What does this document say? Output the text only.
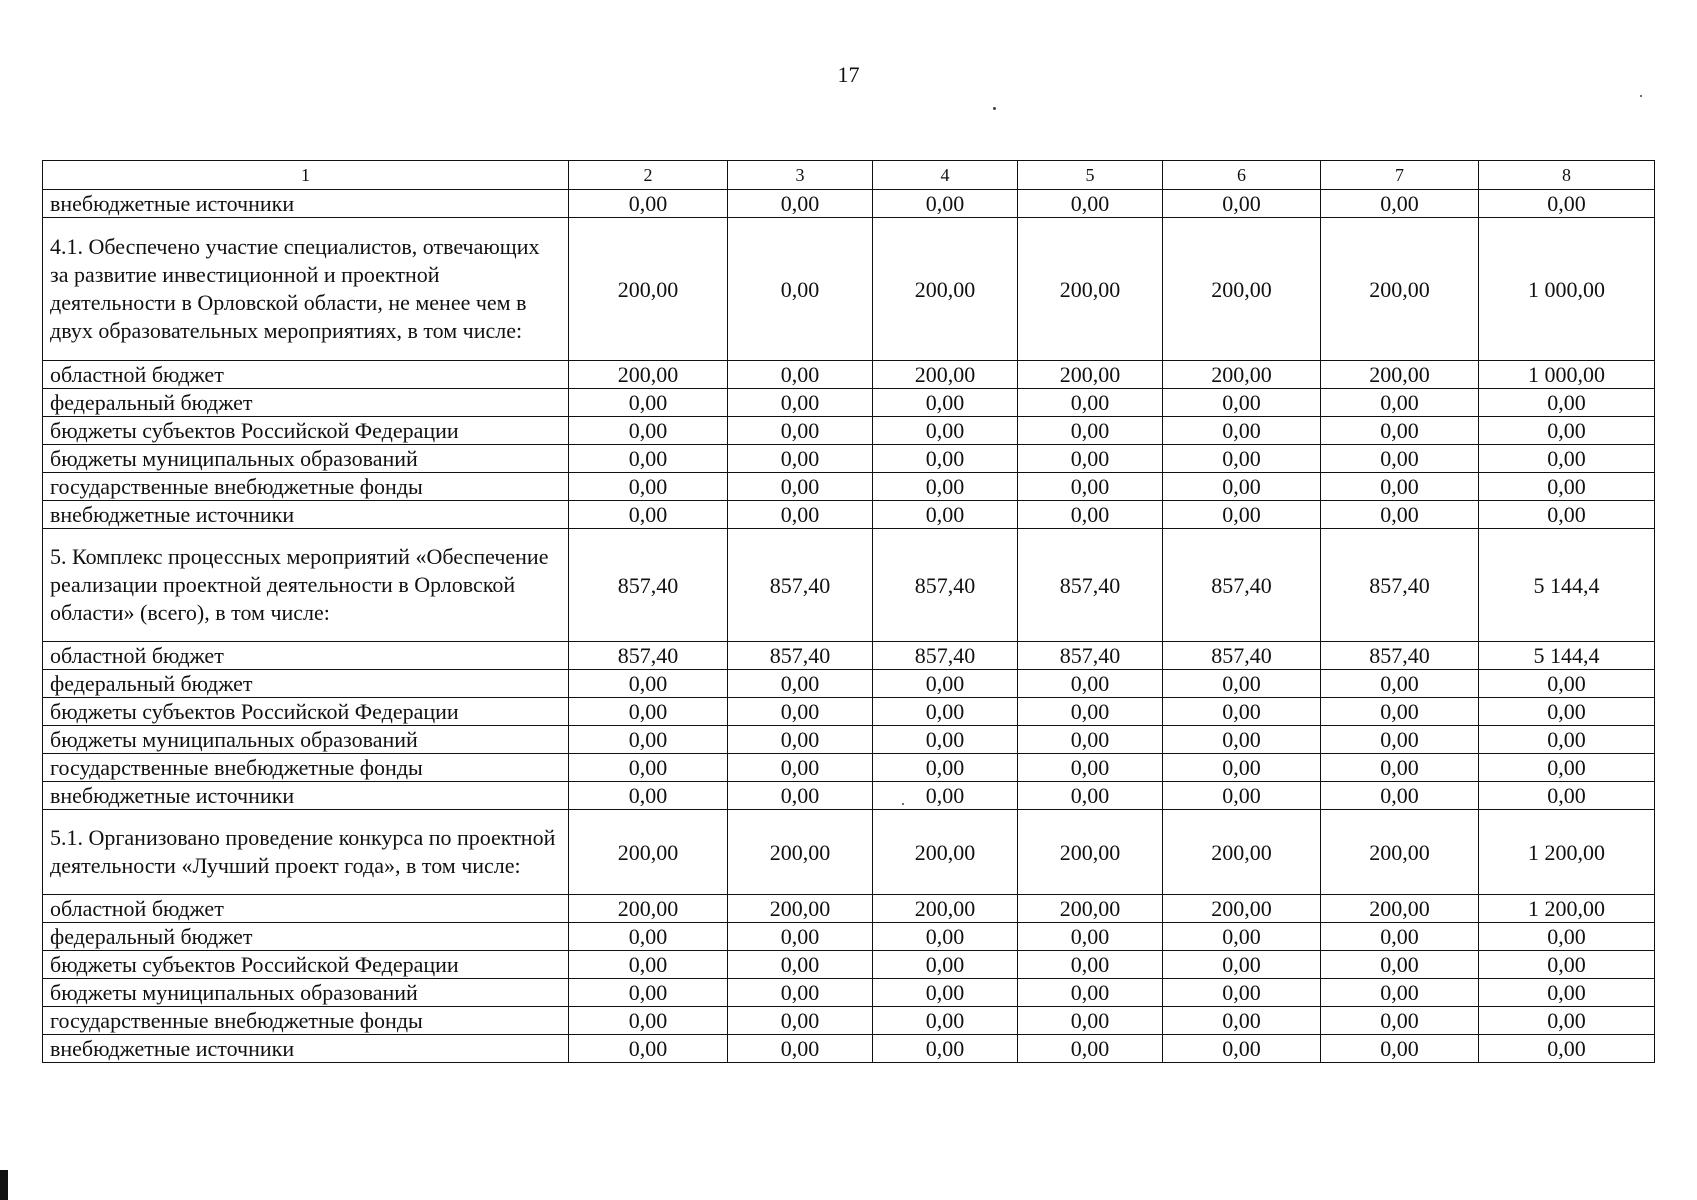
17
1	2	3	4	5	6	7	8
внебюджетные источники	0,00	0,00	0,00	0,00	0,00	0,00	0,00
4.1. Обеспечено участие специалистов, отвечающих за развитие инвестиционной и проектной деятельности в Орловской области, не менее чем в двух образовательных мероприятиях, в том числе:	200,00	0,00	200,00	200,00	200,00	200,00	1 000,00
областной бюджет	200,00	0,00	200,00	200,00	200,00	200,00	1 000,00
федеральный бюджет	0,00	0,00	0,00	0,00	0,00	0,00	0,00
бюджеты субъектов Российской Федерации	0,00	0,00	0,00	0,00	0,00	0,00	0,00
бюджеты муниципальных образований	0,00	0,00	0,00	0,00	0,00	0,00	0,00
государственные внебюджетные фонды	0,00	0,00	0,00	0,00	0,00	0,00	0,00
внебюджетные источники	0,00	0,00	0,00	0,00	0,00	0,00	0,00
5. Комплекс процессных мероприятий «Обеспечение реализации проектной деятельности в Орловской области» (всего), в том числе:	857,40	857,40	857,40	857,40	857,40	857,40	5 144,4
областной бюджет	857,40	857,40	857,40	857,40	857,40	857,40	5 144,4
федеральный бюджет	0,00	0,00	0,00	0,00	0,00	0,00	0,00
бюджеты субъектов Российской Федерации	0,00	0,00	0,00	0,00	0,00	0,00	0,00
бюджеты муниципальных образований	0,00	0,00	0,00	0,00	0,00	0,00	0,00
государственные внебюджетные фонды	0,00	0,00	0,00	0,00	0,00	0,00	0,00
внебюджетные источники	0,00	0,00	0,00	0,00	0,00	0,00	0,00
5.1. Организовано проведение конкурса по проектной деятельности «Лучший проект года», в том числе:	200,00	200,00	200,00	200,00	200,00	200,00	1 200,00
областной бюджет	200,00	200,00	200,00	200,00	200,00	200,00	1 200,00
федеральный бюджет	0,00	0,00	0,00	0,00	0,00	0,00	0,00
бюджеты субъектов Российской Федерации	0,00	0,00	0,00	0,00	0,00	0,00	0,00
бюджеты муниципальных образований	0,00	0,00	0,00	0,00	0,00	0,00	0,00
государственные внебюджетные фонды	0,00	0,00	0,00	0,00	0,00	0,00	0,00
внебюджетные источники	0,00	0,00	0,00	0,00	0,00	0,00	0,00
